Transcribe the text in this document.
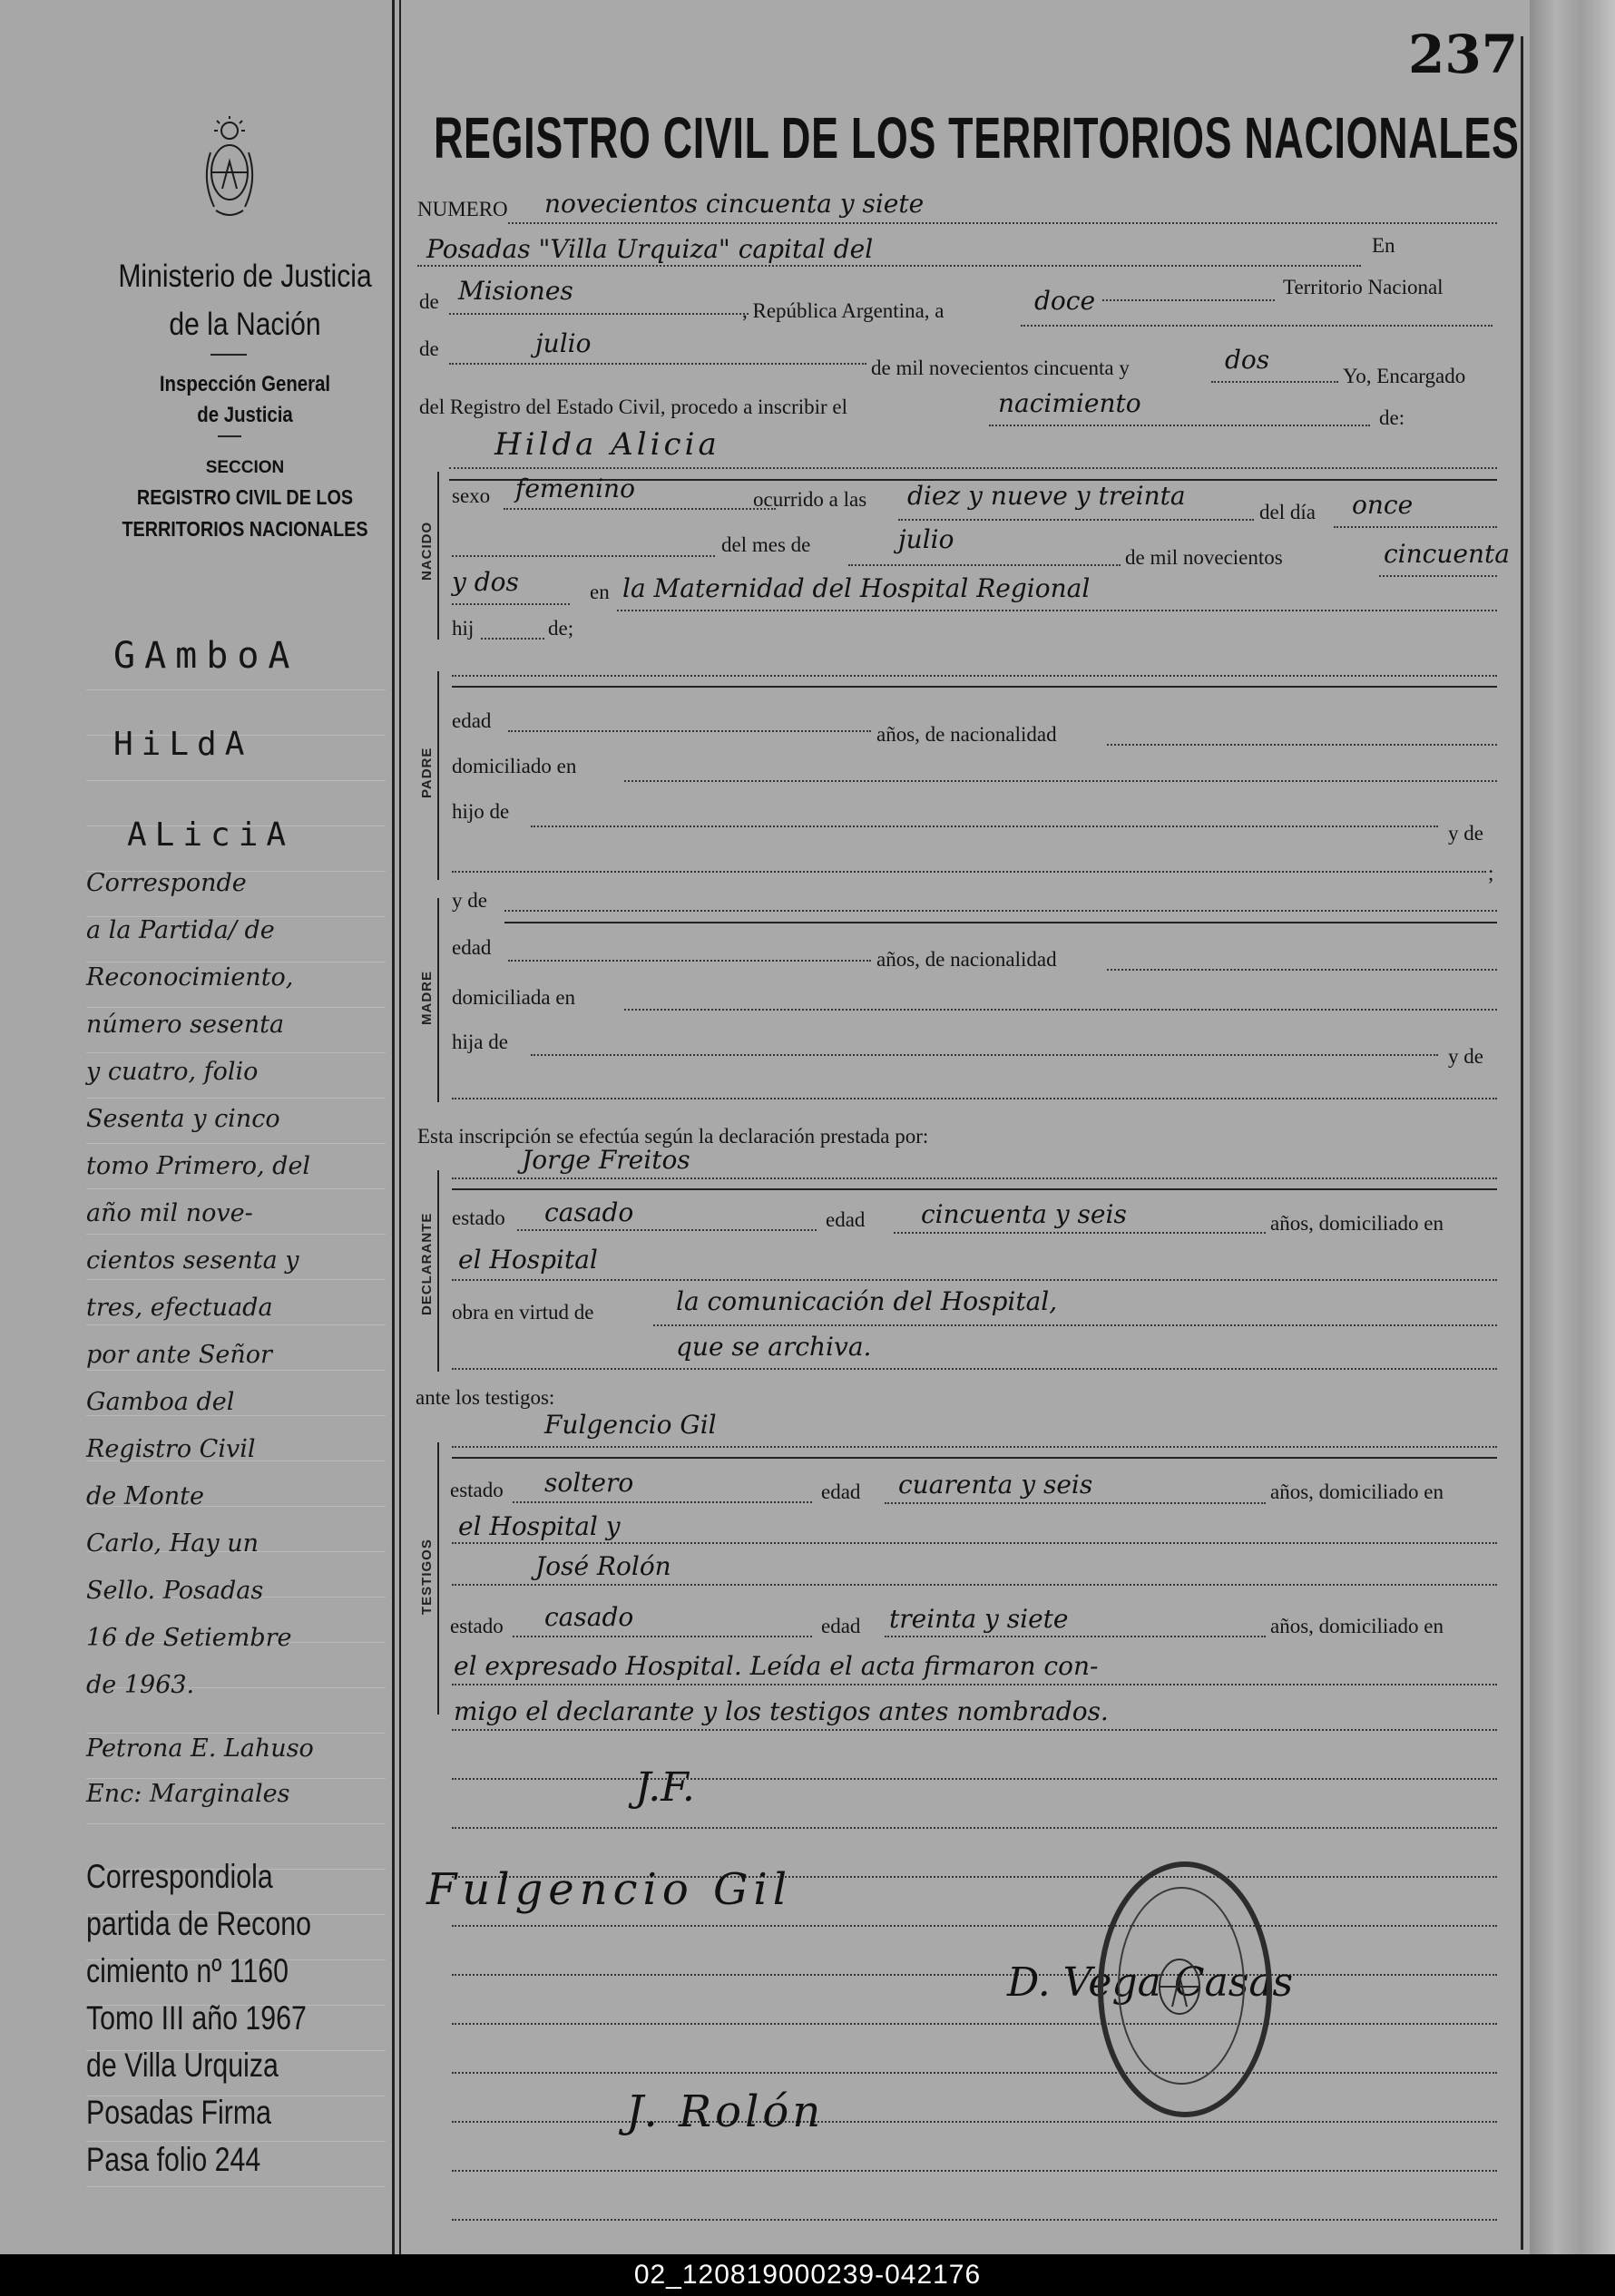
Ministerio de Justicia
de la Nación
Inspección General
de Justicia
SECCION
REGISTRO CIVIL DE LOS
TERRITORIOS NACIONALES
GAmboA
HiLdA
ALiciA
Corresponde
a la Partida/ de
Reconocimiento,
número sesenta
y cuatro, folio
Sesenta y cinco
tomo Primero, del
año mil nove-
cientos sesenta y
tres, efectuada
por ante Señor
Gamboa del
Registro Civil
de Monte
Carlo, Hay un
Sello. Posadas
16 de Setiembre
de 1963.
Petrona E. Lahuso
Enc: Marginales
Correspondiola
partida de Recono
cimiento nº 1160
Tomo III año 1967
de Villa Urquiza
Posadas Firma
Pasa folio 244
237
REGISTRO CIVIL DE LOS TERRITORIOS NACIONALES
NUMERO novecientos cincuenta y siete
Posadas "Villa Urquiza" capital del	En
Territorio Nacional
de Misiones
, República Argentina, a	doce
de	julio
de mil novecientos cincuenta y	dos
Yo, Encargado
del Registro del Estado Civil, procedo a inscribir el	nacimiento	de:
Hilda Alicia
NACIDO
sexo femenino	ocurrido a las diez y nueve y treinta
del día once
del mes de	julio
de mil novecientos	cincuenta
y dos	en la Maternidad del Hospital Regional
hij	de;
PADRE
edad
años, de nacionalidad
domiciliado en
hijo de
y de
;
MADRE
y de
edad
años, de nacionalidad
domiciliada en
hija de
y de
Esta inscripción se efectúa según la declaración prestada por:
DECLARANTE
Jorge Freitos
estado casado	edad cincuenta y seis	años, domiciliado en
el Hospital
obra en virtud de	la comunicación del Hospital,
que se archiva.
ante los testigos:
TESTIGOS
Fulgencio Gil
estado soltero	edad cuarenta y seis	años, domiciliado en
el Hospital y
José Rolón
estado casado	edad treinta y siete	años, domiciliado en
el expresado Hospital. Leída el acta firmaron con-
migo el declarante y los testigos antes nombrados.
J.F.
Fulgencio Gil
J. Rolón
D. Vega Casas
02_120819000239-042176
